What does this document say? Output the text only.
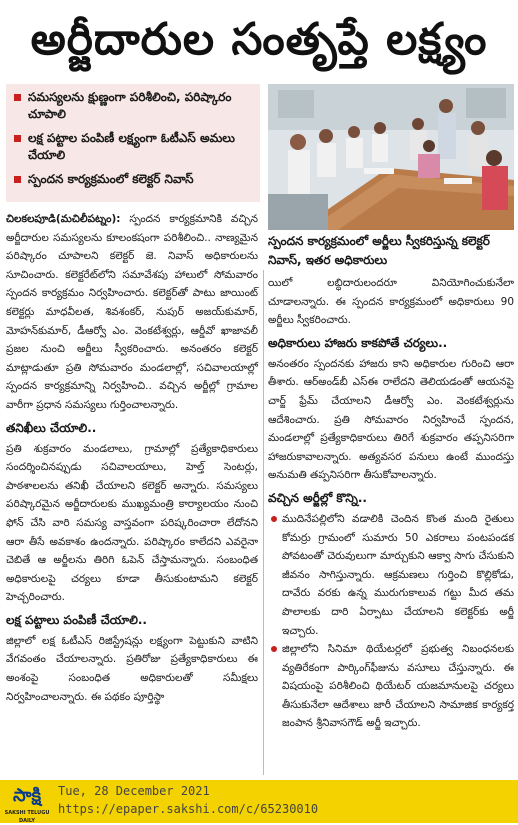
అర్జీదారుల సంతృప్తే లక్ష్యం
సమస్యలను క్షుణ్ణంగా పరిశీలించి, పరిష్కారం చూపాలి
లక్ష పట్టాల పంపిణీ లక్ష్యంగా ఓటీఎస్‌ అమలు చేయాలి
స్పందన కార్యక్రమంలో కలెక్టర్‌ నివాస్‌
స్పందన కార్యక్రమంలో అర్జీలు స్వీకరిస్తున్న కలెక్టర్‌ నివాస్‌, ఇతర అధికారులు

చిలకలపూడి(మచిలీపట్నం): స్పందన కార్యక్రమానికి వచ్చిన అర్జీదారుల సమస్యలను కూలంకషంగా పరిశీలించి.. నాణ్యమైన పరిష్కారం చూపాలని కలెక్టర్‌ జె. నివాస్‌ అధికారులను సూచించారు. కలెక్టరేట్‌లోని సమావేశపు హాలులో సోమవారం స్పందన కార్యక్రమం నిర్వహించారు. కలెక్టర్‌తో పాటు జాయింట్‌ కలెక్టర్లు మాధవీలత, శివశంకర్‌, నుపుర్‌ అజయ్‌కుమార్‌, మోహన్‌కుమార్‌, డీఆర్వో ఎం. వెంకటేశ్వర్లు, ఆర్డీవో ఖాజావలీ ప్రజల నుంచి అర్జీలు స్వీకరించారు. అనంతరం కలెక్టర్‌ మాట్లాడుతూ ప్రతి సోమవారం మండలాల్లో, సచివాలయాల్లో స్పందన కార్యక్రమాన్ని నిర్వహించి.. వచ్చిన అర్జీల్లో గ్రామాల వారీగా ప్రధాన సమస్యలు గుర్తించాలన్నారు.

తనిఖీలు చేయాలి..

ప్రతి శుక్రవారం మండలాలు, గ్రామాల్లో ప్రత్యేకాధికారులు సందర్శించినప్పుడు సచివాలయాలు, హెల్త్‌ సెంటర్లు, పాఠశాలలను తనిఖీ చేయాలని కలెక్టర్‌ అన్నారు. సమస్యలు పరిష్కారమైన అర్జీదారులకు ముఖ్యమంత్రి కార్యాలయం నుంచి ఫోన్‌ చేసి వారి సమస్య వాస్తవంగా పరిష్కరించారా లేదోనని ఆరా తీసే అవకాశం ఉందన్నారు. పరిష్కారం కాలేదని ఎవరైనా చెబితే ఆ అర్జీలను తిరిగి ఓపెన్‌ చేస్తామన్నారు. సంబంధిత అధికారులపై చర్యలు కూడా తీసుకుంటామని కలెక్టర్‌ హెచ్చరించారు.

లక్ష పట్టాలు పంపిణీ చేయాలి..

జిల్లాలో లక్ష ఓటీఎస్‌ రిజిస్ట్రేషన్లు లక్ష్యంగా పెట్టుకుని వాటిని వేగవంతం చేయాలన్నారు. ప్రతిరోజు ప్రత్యేకాధికారులు ఈ అంశంపై సంబంధిత అధికారులతో సమీక్షలు నిర్వహించాలన్నారు. ఈ పథకం పూర్తిస్థా

యిలో లబ్ధిదారులందరూ వినియోగించుకునేలా చూడాలన్నారు. ఈ స్పందన కార్యక్రమంలో అధికారులు 90 అర్జీలు స్వీకరించారు.

అధికారులు హాజరు కాకపోతే చర్యలు..

అనంతరం స్పందనకు హాజరు కాని అధికారుల గురించి ఆరా తీశారు. ఆర్‌అండ్‌బీ ఎస్‌ఈ రాలేదని తెలియడంతో ఆయనపై చార్జ్‌ ఫ్రేమ్‌ చేయాలని డీఆర్వో ఎం. వెంకటేశ్వర్లును ఆదేశించారు. ప్రతి సోమవారం నిర్వహించే స్పందన, మండలాల్లో ప్రత్యేకాధికారులు తిరిగే శుక్రవారం తప్పనిసరిగా హాజరుకావాలన్నారు. అత్యవసర పనులు ఉంటే ముందస్తు అనుమతి తప్పనిసరిగా తీసుకోవాలన్నారు.

వచ్చిన అర్జీల్లో కొన్ని..

ముదినేపల్లిలోని వడాలికి చెందిన కొంత మంది రైతులు కోమర్రు గ్రామంలో సుమారు 50 ఎకరాలు పంటపండక పోవటంతో చెరువులుగా మార్చుకుని ఆక్వా సాగు చేసుకుని జీవనం సాగిస్తున్నారు. ఆక్రమణలు గుర్తించి కొల్లికోడు, దావేరు వరకు ఉన్న మురుగుకాలువ గట్టు మీద తమ పొలాలకు దారి ఏర్పాటు చేయాలని కలెక్టర్‌కు అర్జీ ఇచ్చారు.

జిల్లాలోని సినిమా థియేటర్లలో ప్రభుత్వ నిబంధనలకు వ్యతిరేకంగా పార్కింగ్‌ఫీజును వసూలు చేస్తున్నారు. ఈ విషయంపై పరిశీలించి థియేటర్‌ యజమానులపై చర్యలు తీసుకునేలా ఆదేశాలు జారీ చేయాలని సామాజిక కార్యకర్త జంపాన శ్రీనివాసగౌడ్‌ అర్జీ ఇచ్చారు.

సాక్షి
SAKSHI TELUGU DAILY
Tue, 28 December 2021
https://epaper.sakshi.com/c/65230010
